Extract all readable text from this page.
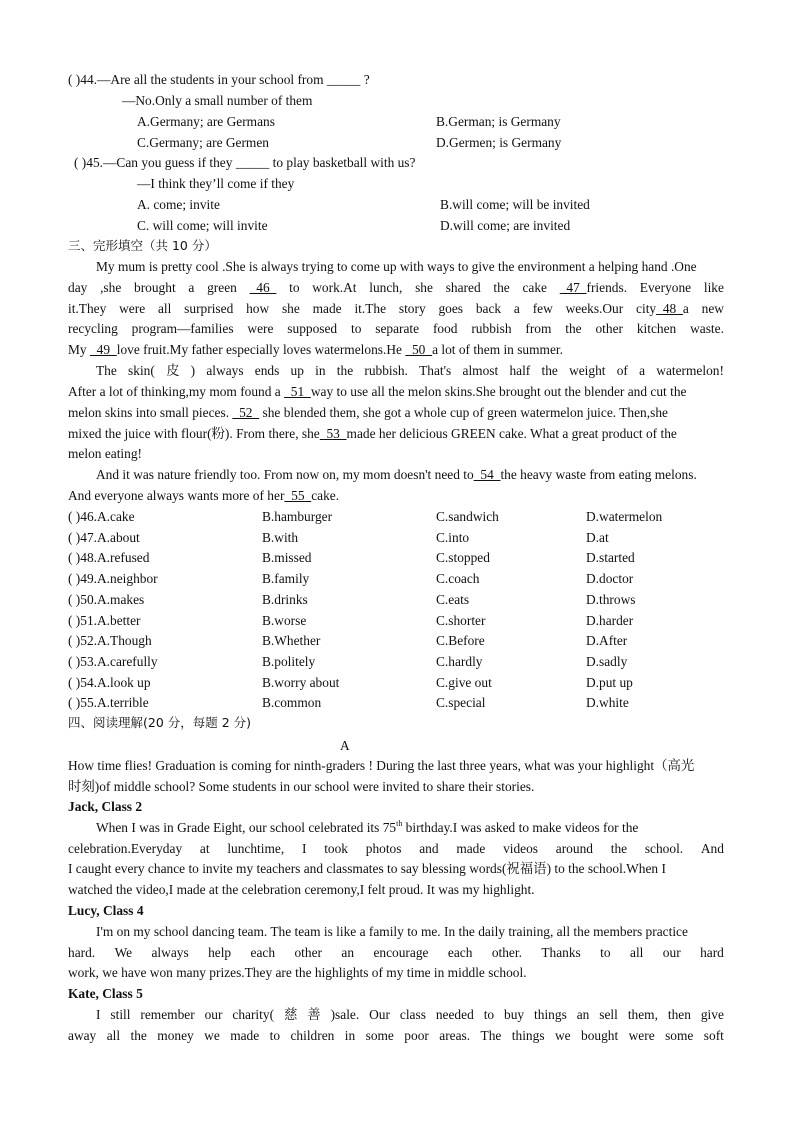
( )44.—Are all the students in your school from _____ ?
—No.Only a small number of them
A.Germany; are Germans	B.German; is Germany
C.Germany; are Germen	D.Germen; is Germany
( )45.—Can you guess if they _____ to play basketball with us?
—I think they’ll come if they
A. come; invite	B.will come; will be invited
C. will come; will invite	D.will come; are invited
三、完形填空（共 10 分）
My mum is pretty cool .She is always trying to come up with ways to give the environment a helping hand .One
day ,she brought a green 46 to work.At lunch, she shared the cake 47  friends. Everyone like
it.They were all surprised how she made it.The story goes back a few weeks.Our city  48  a new
recycling program—families were supposed to separate food rubbish from the other kitchen waste.
My   49  love fruit.My father especially loves watermelons.He   50  a lot of them in summer.
The skin( 皮 ) always ends up in the rubbish. That's almost half the weight of a watermelon!
After a lot of thinking,my mom found a   51  way to use all the melon skins.She brought out the blender and cut the
melon skins into small pieces.   52   she blended them, she got a whole cup of green watermelon juice. Then,she
mixed the juice with flour(粉). From there, she  53  made her delicious GREEN cake. What a great product of the
melon eating!
And it was nature friendly too. From now on, my mom doesn't need to  54  the heavy waste from eating melons.
And everyone always wants more of her  55  cake.
( )46.A.cake	B.hamburger	C.sandwich	D.watermelon
( )47.A.about	B.with	C.into	D.at
( )48.A.refused	B.missed	C.stopped	D.started
( )49.A.neighbor	B.family	C.coach	D.doctor
( )50.A.makes	B.drinks	C.eats	D.throws
( )51.A.better	B.worse	C.shorter	D.harder
( )52.A.Though	B.Whether	C.Before	D.After
( )53.A.carefully	B.politely	C.hardly	D.sadly
( )54.A.look up	B.worry about	C.give out	D.put up
( )55.A.terrible	B.common	C.special	D.white
四、阅读理解(20 分，每题 2 分)
A
How time flies! Graduation is coming for ninth-graders ! During the last three years, what was your highlight（高光
时刻)of middle school? Some students in our school were invited to share their stories.
Jack, Class 2
When I was in Grade Eight, our school celebrated its 75th birthday.I was asked to make videos for the
celebration.Everyday at lunchtime, I took photos and made videos around the school. And
I caught every chance to invite my teachers and classmates to say blessing words(祝福语) to the school.When I
watched the video,I made at the celebration ceremony,I felt proud. It was my highlight.
Lucy, Class 4
I'm on my school dancing team. The team is like a family to me. In the daily training, all the members practice
hard. We always help each other an encourage each other. Thanks to all our hard
work, we have won many prizes.They are the highlights of my time in middle school.
Kate, Class 5
I still remember our charity( 慈 善 )sale. Our class needed to buy things an sell them, then give
away all the money we made to children in some poor areas. The things we bought were some soft
